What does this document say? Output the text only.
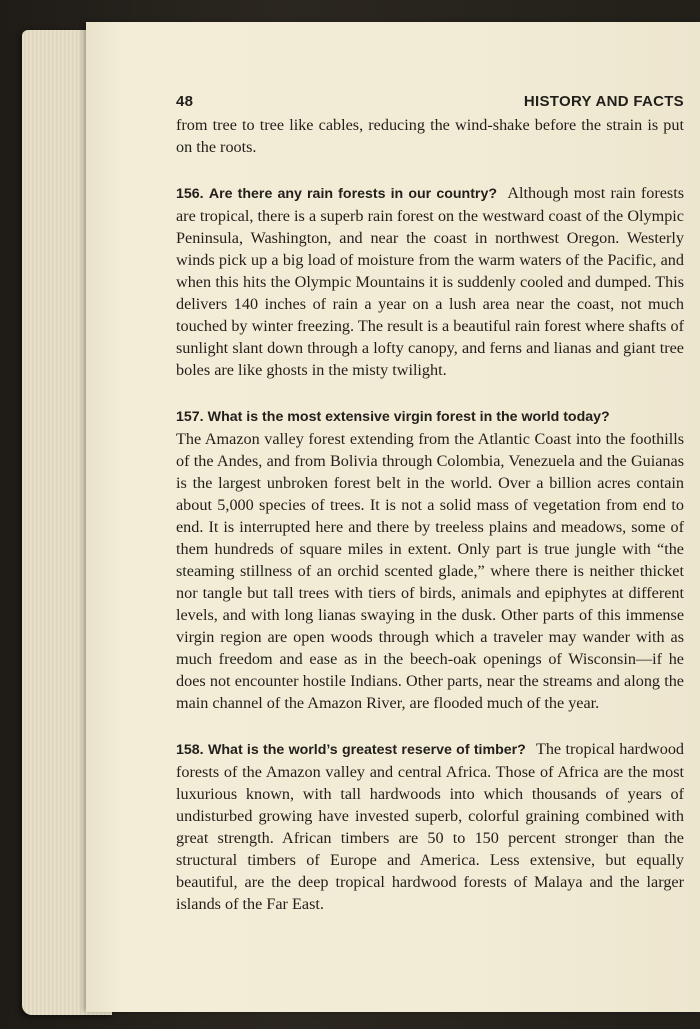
48	HISTORY AND FACTS

from tree to tree like cables, reducing the wind-shake before the strain is put on the roots.

156. Are there any rain forests in our country? Although most rain forests are tropical, there is a superb rain forest on the westward coast of the Olympic Peninsula, Washington, and near the coast in northwest Oregon. Westerly winds pick up a big load of moisture from the warm waters of the Pacific, and when this hits the Olympic Mountains it is suddenly cooled and dumped. This delivers 140 inches of rain a year on a lush area near the coast, not much touched by winter freezing. The result is a beautiful rain forest where shafts of sunlight slant down through a lofty canopy, and ferns and lianas and giant tree boles are like ghosts in the misty twilight.

157. What is the most extensive virgin forest in the world today?
The Amazon valley forest extending from the Atlantic Coast into the foothills of the Andes, and from Bolivia through Colombia, Venezuela and the Guianas is the largest unbroken forest belt in the world. Over a billion acres contain about 5,000 species of trees. It is not a solid mass of vegetation from end to end. It is interrupted here and there by treeless plains and meadows, some of them hundreds of square miles in extent. Only part is true jungle with “the steaming stillness of an orchid scented glade,” where there is neither thicket nor tangle but tall trees with tiers of birds, animals and epiphytes at different levels, and with long lianas swaying in the dusk. Other parts of this immense virgin region are open woods through which a traveler may wander with as much freedom and ease as in the beech-oak openings of Wisconsin—if he does not encounter hostile Indians. Other parts, near the streams and along the main channel of the Amazon River, are flooded much of the year.

158. What is the world’s greatest reserve of timber? The tropical hardwood forests of the Amazon valley and central Africa. Those of Africa are the most luxurious known, with tall hardwoods into which thousands of years of undisturbed growing have invested superb, colorful graining combined with great strength. African timbers are 50 to 150 percent stronger than the structural timbers of Europe and America. Less extensive, but equally beautiful, are the deep tropical hardwood forests of Malaya and the larger islands of the Far East.
